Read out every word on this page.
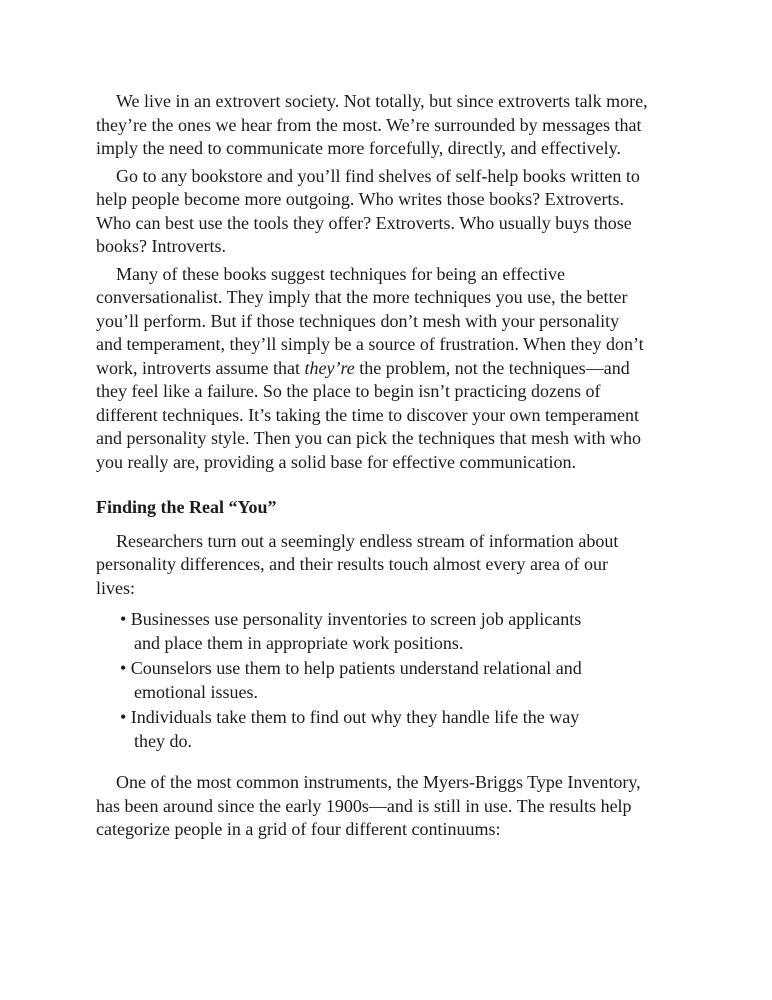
We live in an extrovert society. Not totally, but since extroverts talk more,
they’re the ones we hear from the most. We’re surrounded by messages that
imply the need to communicate more forcefully, directly, and effectively.

Go to any bookstore and you’ll find shelves of self-help books written to
help people become more outgoing. Who writes those books? Extroverts.
Who can best use the tools they offer? Extroverts. Who usually buys those
books? Introverts.

Many of these books suggest techniques for being an effective
conversationalist. They imply that the more techniques you use, the better
you’ll perform. But if those techniques don’t mesh with your personality
and temperament, they’ll simply be a source of frustration. When they don’t
work, introverts assume that they’re the problem, not the techniques—and
they feel like a failure. So the place to begin isn’t practicing dozens of
different techniques. It’s taking the time to discover your own temperament
and personality style. Then you can pick the techniques that mesh with who
you really are, providing a solid base for effective communication.

Finding the Real “You”

Researchers turn out a seemingly endless stream of information about
personality differences, and their results touch almost every area of our
lives:

• Businesses use personality inventories to screen job applicants
and place them in appropriate work positions.
• Counselors use them to help patients understand relational and
emotional issues.
• Individuals take them to find out why they handle life the way
they do.

One of the most common instruments, the Myers-Briggs Type Inventory,
has been around since the early 1900s—and is still in use. The results help
categorize people in a grid of four different continuums:
